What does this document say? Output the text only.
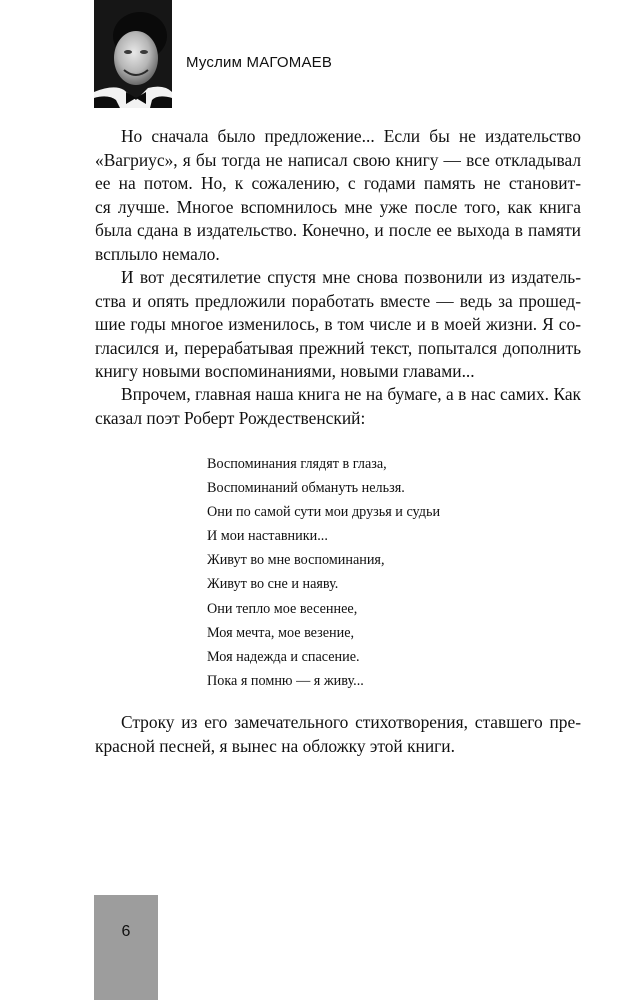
Муслим МАГОМАЕВ
Но сначала было предложение... Если бы не издательство
«Вагриус», я бы тогда не написал свою книгу — все откладывал
ее на потом. Но, к сожалению, с годами память не становит-
ся лучше. Многое вспомнилось мне уже после того, как книга
была сдана в издательство. Конечно, и после ее выхода в памяти
всплыло немало.
И вот десятилетие спустя мне снова позвонили из издатель-
ства и опять предложили поработать вместе — ведь за прошед-
шие годы многое изменилось, в том числе и в моей жизни. Я со-
гласился и, перерабатывая прежний текст, попытался дополнить
книгу новыми воспоминаниями, новыми главами...
Впрочем, главная наша книга не на бумаге, а в нас самих. Как
сказал поэт Роберт Рождественский:
Воспоминания глядят в глаза,
Воспоминаний обмануть нельзя.
Они по самой сути мои друзья и судьи
И мои наставники...
Живут во мне воспоминания,
Живут во сне и наяву.
Они тепло мое весеннее,
Моя мечта, мое везение,
Моя надежда и спасение.
Пока я помню — я живу...
Строку из его замечательного стихотворения, ставшего пре-
красной песней, я вынес на обложку этой книги.
6
